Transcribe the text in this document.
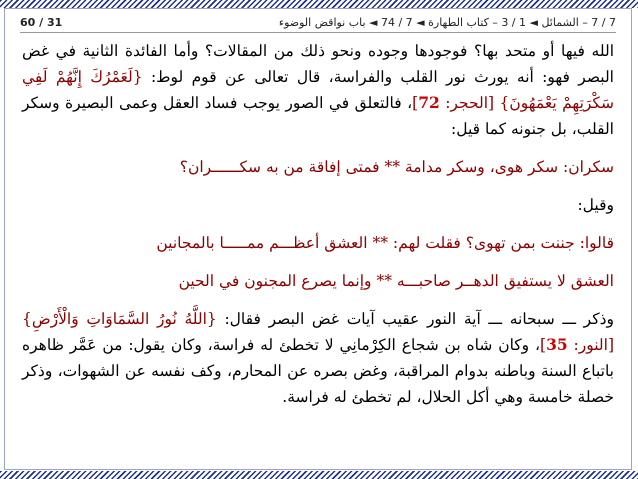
7 / 7 – الشمائل ◄ 1 / 3 – كتاب الطهارة ◄ 7 / 74 ◄ باب نواقض الوضوء
60 / 31

الله فيها أو متحد بها؟ فوجودها وجوده ونحو ذلك من المقالات؟ وأما الفائدة الثانية في غض البصر فهو: أنه يورث نور القلب والفراسة، قال تعالى عن قوم لوط: {لَعَمْرُكَ إِنَّهُمْ لَفِي سَكْرَتِهِمْ يَعْمَهُونَ} [الحجر: 72]، فالتعلق في الصور يوجب فساد العقل وعمى البصيرة وسكر القلب، بل جنونه كما قيل:

سكران: سكر هوى، وسكر مدامة ** فمتى إفاقة من به سكــــــران؟

وقيل:

قالوا: جننت بمن تهوى؟ فقلت لهم: ** العشق أعظـــم ممـــــا بالمجانين

العشق لا يستفيق الدهــر صاحبـــه ** وإنما يصرع المجنون في الحين

وذكر ـــ سبحانه ـــ آية النور عقيب آيات غض البصر فقال: {اللَّهُ نُورُ السَّمَاوَاتِ وَالْأَرْضِ} [النور: 35]، وكان شاه بن شجاع الكِرْمانِي لا تخطئ له فراسة، وكان يقول: من عَمَّر ظاهره باتباع السنة وباطنه بدوام المراقبة، وغض بصره عن المحارم، وكف نفسه عن الشهوات، وذكر خصلة خامسة وهي أكل الحلال، لم تخطئ له فراسة.
